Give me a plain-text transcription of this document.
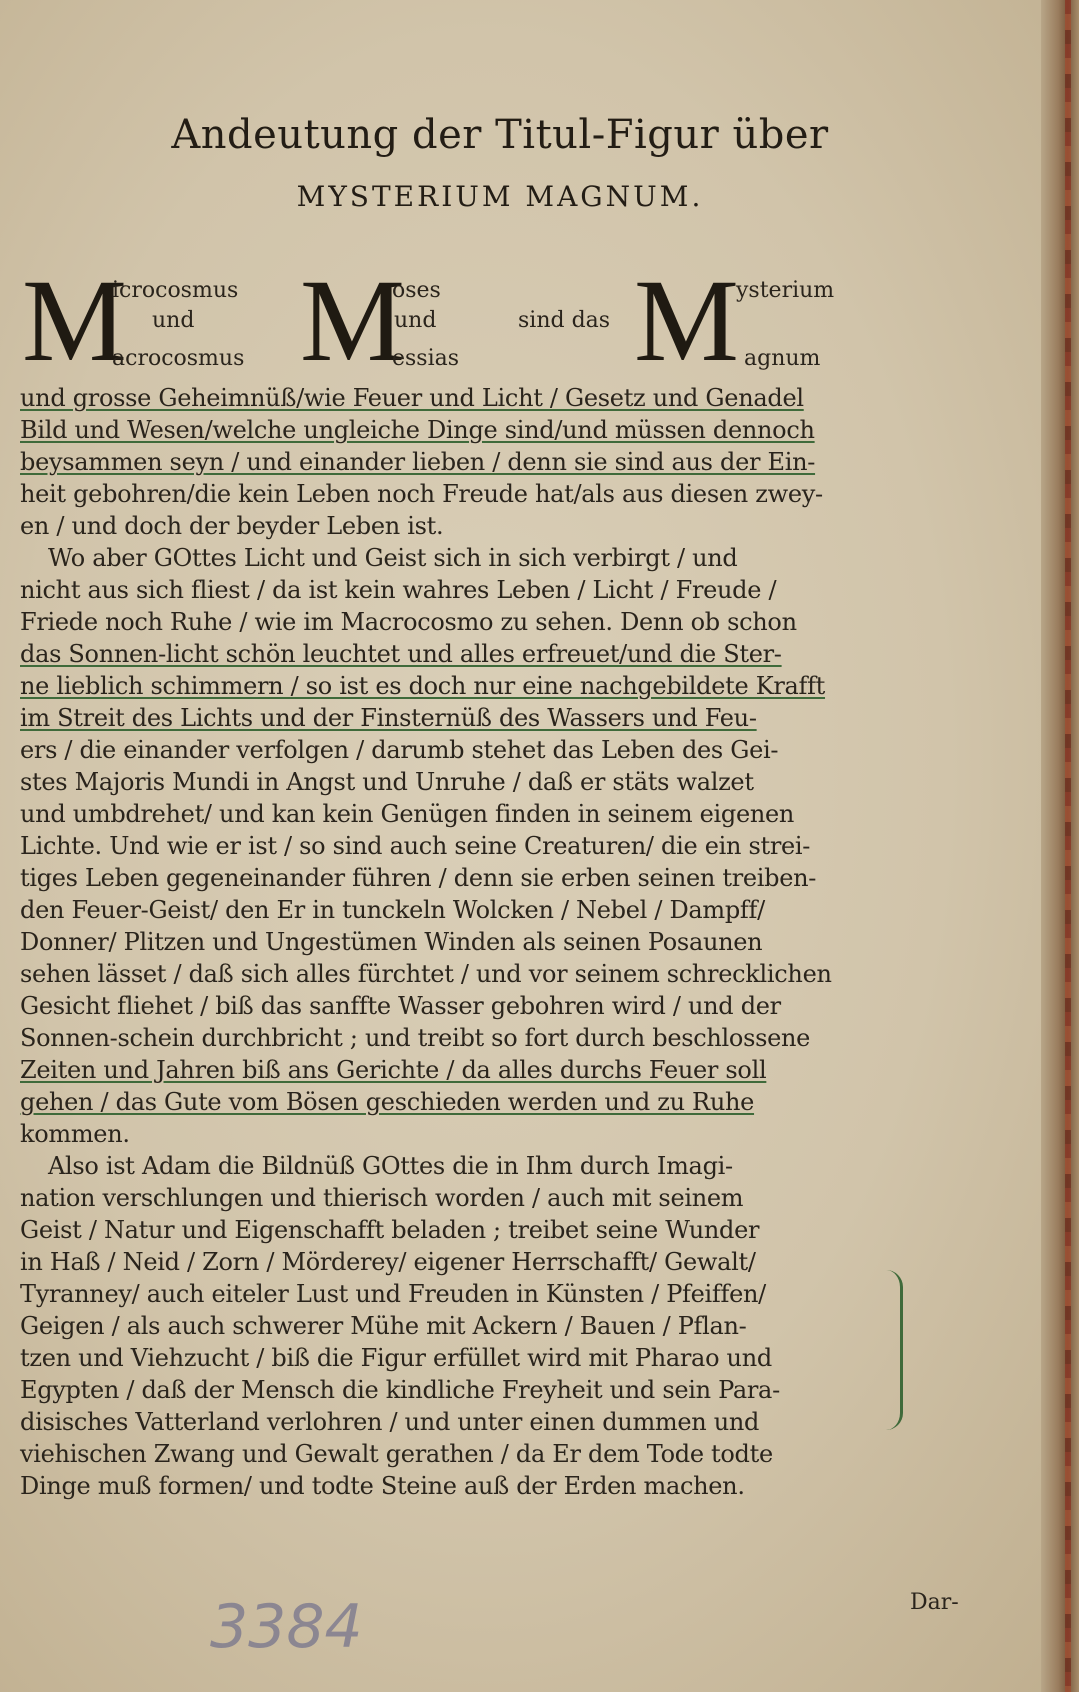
Andeutung der Titul-Figur über
MYSTERIUM MAGNUM.
M
icrocosmus
und
acrocosmus M
oses
und
essias
sind das M
ysterium
agnum
und grosse Geheimnüß/wie Feuer und Licht / Gesetz und Genadel
Bild und Wesen/welche ungleiche Dinge sind/und müssen dennoch
beysammen seyn / und einander lieben / denn sie sind aus der Ein-
heit gebohren/die kein Leben noch Freude hat/als aus diesen zwey-
en / und doch der beyder Leben ist.
Wo aber GOttes Licht und Geist sich in sich verbirgt / und
nicht aus sich fliest / da ist kein wahres Leben / Licht / Freude /
Friede noch Ruhe / wie im Macrocosmo zu sehen. Denn ob schon
das Sonnen-licht schön leuchtet und alles erfreuet/und die Ster-
ne lieblich schimmern / so ist es doch nur eine nachgebildete Krafft
im Streit des Lichts und der Finsternüß des Wassers und Feu-
ers / die einander verfolgen / darumb stehet das Leben des Gei-
stes Majoris Mundi in Angst und Unruhe / daß er stäts walzet
und umbdrehet/ und kan kein Genügen finden in seinem eigenen
Lichte. Und wie er ist / so sind auch seine Creaturen/ die ein strei-
tiges Leben gegeneinander führen / denn sie erben seinen treiben-
den Feuer-Geist/ den Er in tunckeln Wolcken / Nebel / Dampff/
Donner/ Plitzen und Ungestümen Winden als seinen Posaunen
sehen lässet / daß sich alles fürchtet / und vor seinem schrecklichen
Gesicht fliehet / biß das sanffte Wasser gebohren wird / und der
Sonnen-schein durchbricht ; und treibt so fort durch beschlossene
Zeiten und Jahren biß ans Gerichte / da alles durchs Feuer soll
gehen / das Gute vom Bösen geschieden werden und zu Ruhe
kommen.
Also ist Adam die Bildnüß GOttes die in Ihm durch Imagi-
nation verschlungen und thierisch worden / auch mit seinem
Geist / Natur und Eigenschafft beladen ; treibet seine Wunder
in Haß / Neid / Zorn / Mörderey/ eigener Herrschafft/ Gewalt/
Tyranney/ auch eiteler Lust und Freuden in Künsten / Pfeiffen/
Geigen / als auch schwerer Mühe mit Ackern / Bauen / Pflan-
tzen und Viehzucht / biß die Figur erfüllet wird mit Pharao und
Egypten / daß der Mensch die kindliche Freyheit und sein Para-
disisches Vatterland verlohren / und unter einen dummen und
viehischen Zwang und Gewalt gerathen / da Er dem Tode todte
Dinge muß formen/ und todte Steine auß der Erden machen.
3384	Dar-
